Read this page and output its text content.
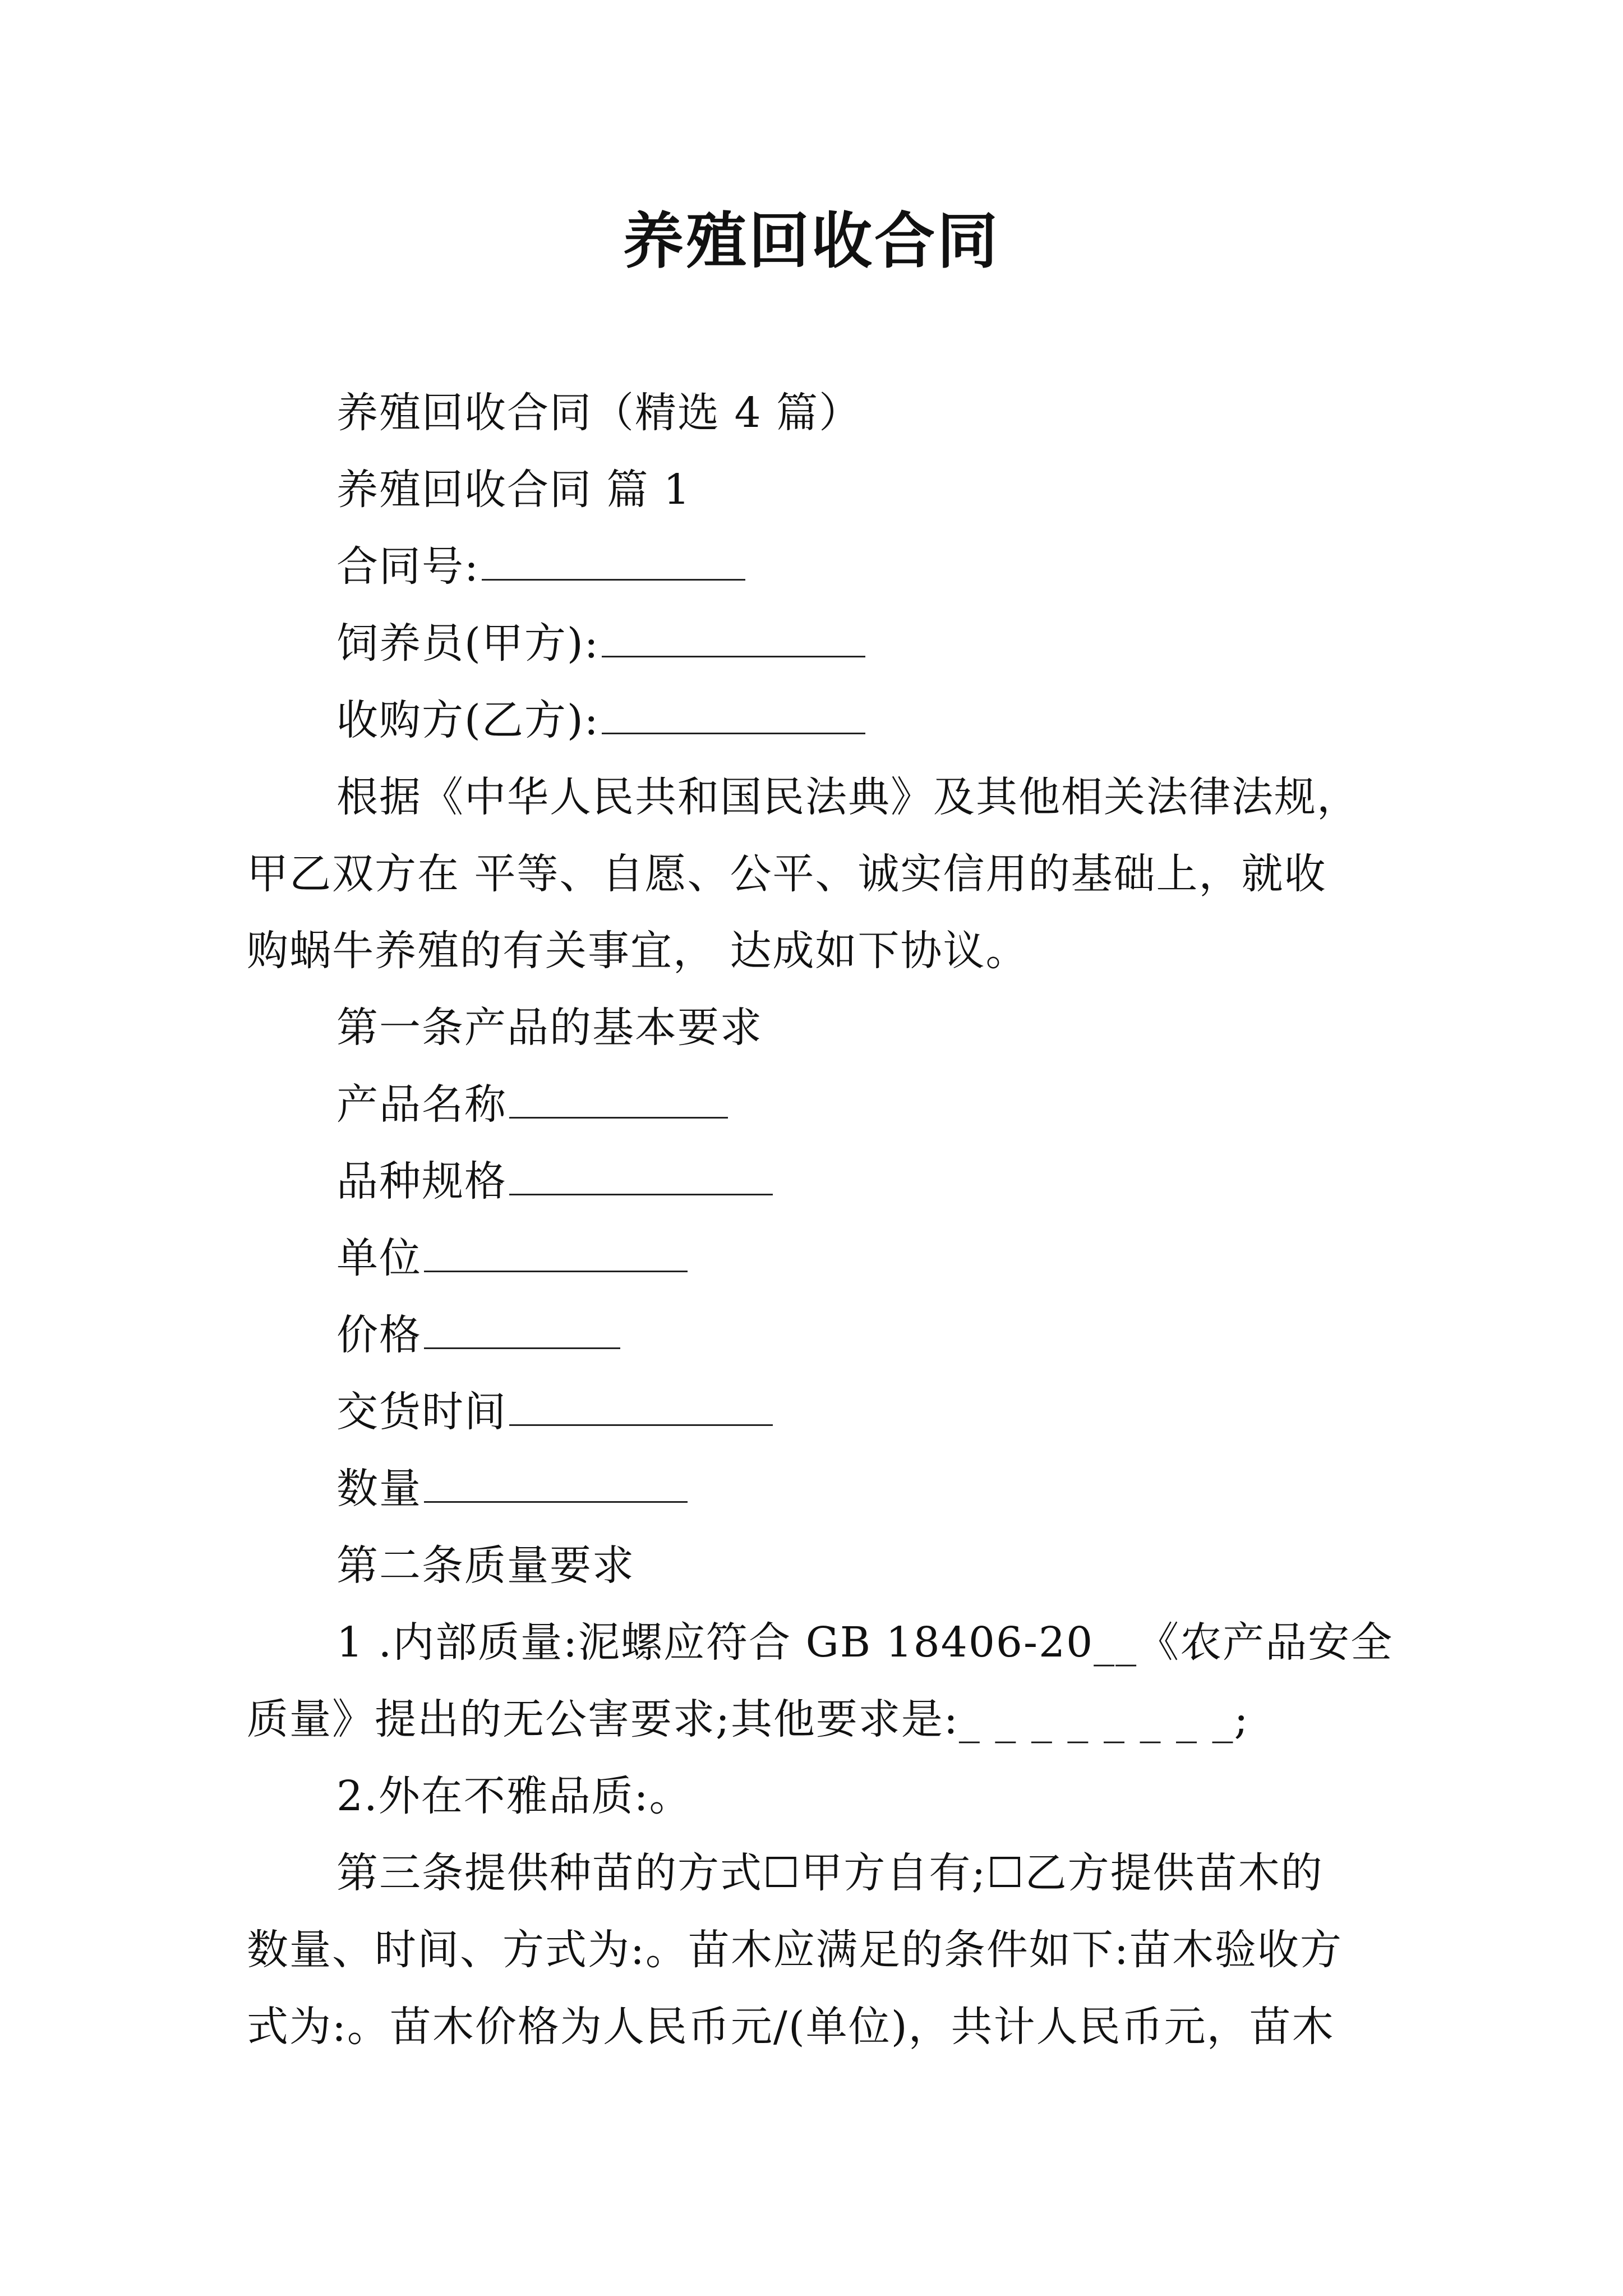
养殖回收合同
养殖回收合同（精选 4 篇）
养殖回收合同 篇 1
合同号:
饲养员(甲方):
收购方(乙方):
根据《中华人民共和国民法典》及其他相关法律法规，
甲乙双方在 平等、自愿、公平、诚实信用的基础上，就收
购蜗牛养殖的有关事宜， 达成如下协议。
第一条产品的基本要求
产品名称
品种规格
单位
价格
交货时间
数量
第二条质量要求
1 .内部质量:泥螺应符合 GB 18406-20__《农产品安全
质量》提出的无公害要求;其他要求是:_ _ _ _ _ _ _ _;
2.外在不雅品质:。
第三条提供种苗的方式☐甲方自有;☐乙方提供苗木的
数量、时间、方式为:。苗木应满足的条件如下:苗木验收方
式为:。苗木价格为人民币元/(单位)，共计人民币元，苗木
